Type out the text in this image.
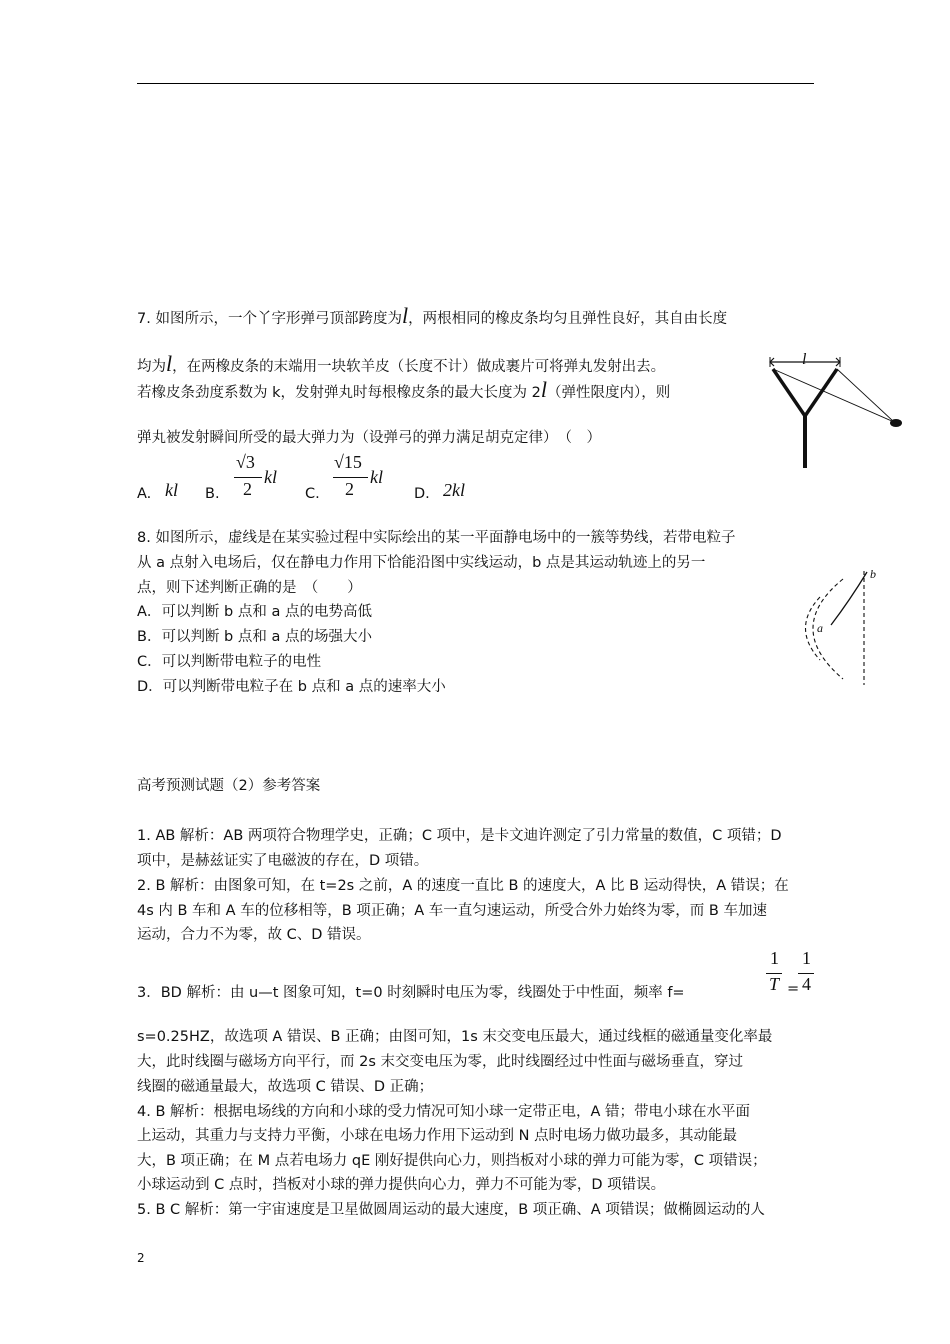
7. 如图所示，一个丫字形弹弓顶部跨度为l，两根相同的橡皮条均匀且弹性良好，其自由长度
均为l，在两橡皮条的末端用一块软羊皮（长度不计）做成裹片可将弹丸发射出去。
若橡皮条劲度系数为 k，发射弹丸时每根橡皮条的最大长度为 2l（弹性限度内），则
弹丸被发射瞬间所受的最大弹力为（设弹弓的弹力满足胡克定律）　（　）
A. kl B.
√3
2
kl
C.
√15
2
kl
D. 2kl
l
8. 如图所示，虚线是在某实验过程中实际绘出的某一平面静电场中的一簇等势线，若带电粒子
从 a 点射入电场后，仅在静电力作用下恰能沿图中实线运动，b 点是其运动轨迹上的另一
点，则下述判断正确的是　（　　）
A．可以判断 b 点和 a 点的电势高低
B．可以判断 b 点和 a 点的场强大小
C．可以判断带电粒子的电性
D．可以判断带电粒子在 b 点和 a 点的速率大小
a
b
高考预测试题（2）参考答案
1. AB 解析：AB 两项符合物理学史，正确；C 项中，是卡文迪许测定了引力常量的数值，C 项错；D
项中，是赫兹证实了电磁波的存在，D 项错。
2. B 解析：由图象可知，在 t=2s 之前，A 的速度一直比 B 的速度大，A 比 B 运动得快，A 错误；在
4s 内 B 车和 A 车的位移相等，B 项正确；A 车一直匀速运动，所受合外力始终为零，而 B 车加速
运动，合力不为零，故 C、D 错误。
3．BD 解析：由 u—t 图象可知，t=0 时刻瞬时电压为零，线圈处于中性面，频率 f=
1
T =
1
4
s=0.25HZ，故选项 A 错误、B 正确；由图可知，1s 末交变电压最大，通过线框的磁通量变化率最
大，此时线圈与磁场方向平行，而 2s 末交变电压为零，此时线圈经过中性面与磁场垂直，穿过
线圈的磁通量最大，故选项 C 错误、D 正确；
4. B 解析：根据电场线的方向和小球的受力情况可知小球一定带正电，A 错；带电小球在水平面
上运动，其重力与支持力平衡，小球在电场力作用下运动到 N 点时电场力做功最多，其动能最
大，B 项正确；在 M 点若电场力 qE 刚好提供向心力，则挡板对小球的弹力可能为零，C 项错误；
小球运动到 C 点时，挡板对小球的弹力提供向心力，弹力不可能为零，D 项错误。
5. B C 解析：第一宇宙速度是卫星做圆周运动的最大速度，B 项正确、A 项错误；做椭圆运动的人
2
